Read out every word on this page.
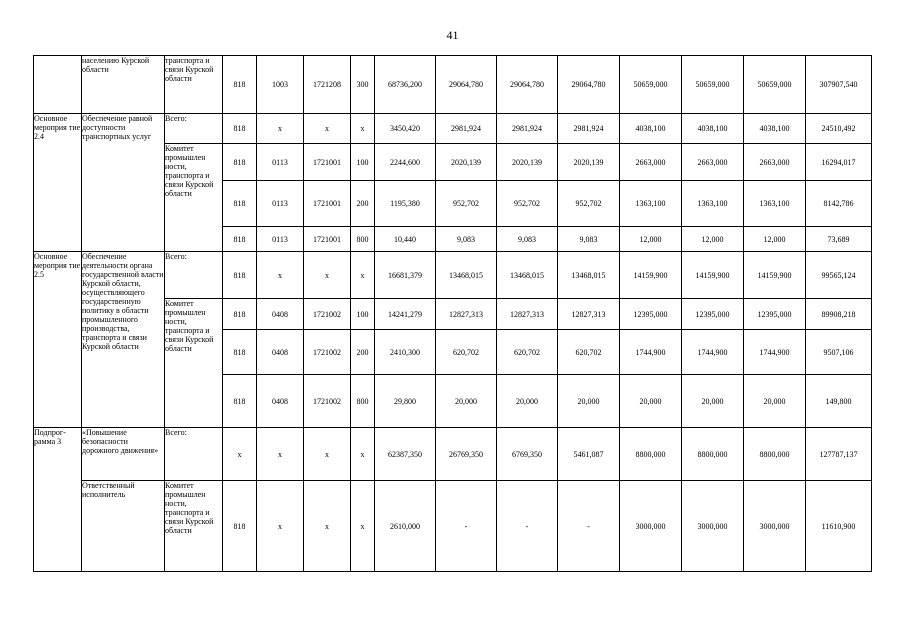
41
	населению Курской области	транспорта и связи Курской области	818	1003	1721208	300	68736,200	29064,780	29064,780	29064,780	50659,000	50659,000	50659,000	307907,540
Основное мероприя тие 2.4	Обеспечение равной доступности транспортных услуг	Всего:	818	х	х	х	3450,420	2981,924	2981,924	2981,924	4038,100	4038,100	4038,100	24510,492
		Комитет промышлен ности, транспорта и связи Курской области	818	0113	1721001	100	2244,600	2020,139	2020,139	2020,139	2663,000	2663,000	2663,000	16294,017
			818	0113	1721001	200	1195,380	952,702	952,702	952,702	1363,100	1363,100	1363,100	8142,786
			818	0113	1721001	800	10,440	9,083	9,083	9,083	12,000	12,000	12,000	73,689
Основное мероприя тие 2.5	Обеспечение деятельности органа государственной власти Курской области, осуществляющего государственную политику в области промышленного производства, транспорта и связи Курской области	Всего:	818	х	х	х	16681,379	13468,015	13468,015	13468,015	14159,900	14159,900	14159,900	99565,124
		Комитет промышлен ности, транспорта и связи Курской области	818	0408	1721002	100	14241,279	12827,313	12827,313	12827,313	12395,000	12395,000	12395,000	89908,218
			818	0408	1721002	200	2410,300	620,702	620,702	620,702	1744,900	1744,900	1744,900	9507,106
			818	0408	1721002	800	29,800	20,000	20,000	20,000	20,000	20,000	20,000	149,800
Подпрог- рамма 3	«Повышение безопасности дорожного движения»	Всего:	х	х	х	х	62387,350	26769,350	6769,350	5461,087	8800,000	8800,000	8800,000	127787,137
	Ответственный исполнитель	Комитет промышлен ности, транспорта и связи Курской области	818	х	х	х	2610,000	-	-	-	3000,000	3000,000	3000,000	11610,900
